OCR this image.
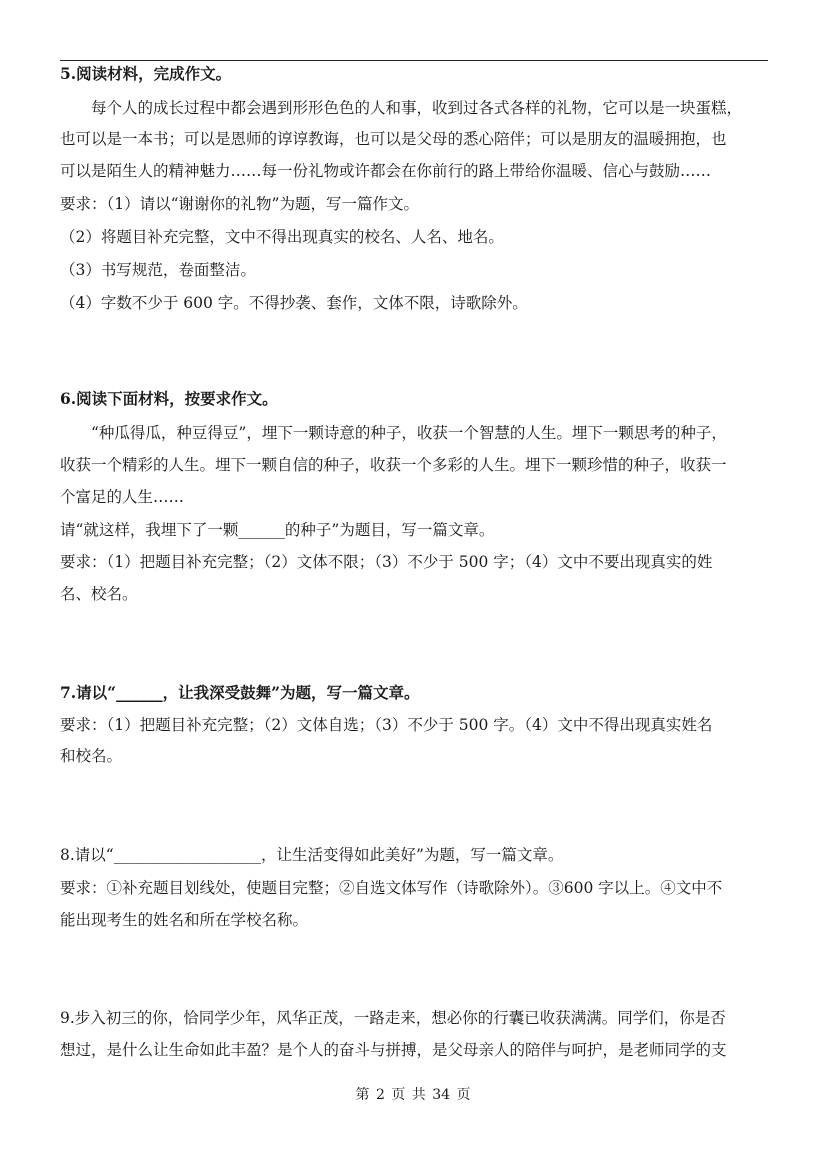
5.阅读材料，完成作文。
每个人的成长过程中都会遇到形形色色的人和事，收到过各式各样的礼物，它可以是一块蛋糕，
也可以是一本书；可以是恩师的谆谆教诲，也可以是父母的悉心陪伴；可以是朋友的温暖拥抱，也
可以是陌生人的精神魅力……每一份礼物或许都会在你前行的路上带给你温暖、信心与鼓励……
要求：（1）请以“谢谢你的礼物”为题，写一篇作文。
（2）将题目补充完整，文中不得出现真实的校名、人名、地名。
（3）书写规范，卷面整洁。
（4）字数不少于 600 字。不得抄袭、套作，文体不限，诗歌除外。
6.阅读下面材料，按要求作文。
“种瓜得瓜，种豆得豆”，埋下一颗诗意的种子，收获一个智慧的人生。埋下一颗思考的种子，
收获一个精彩的人生。埋下一颗自信的种子，收获一个多彩的人生。埋下一颗珍惜的种子，收获一
个富足的人生……
请“就这样，我埋下了一颗______的种子”为题目，写一篇文章。
要求：（1）把题目补充完整；（2）文体不限；（3）不少于 500 字；（4）文中不要出现真实的姓
名、校名。
7.请以“______，让我深受鼓舞”为题，写一篇文章。
要求：（1）把题目补充完整；（2）文体自选；（3）不少于 500 字。（4）文中不得出现真实姓名
和校名。
8.请以“___________________，让生活变得如此美好”为题，写一篇文章。
要求：①补充题目划线处，使题目完整；②自选文体写作（诗歌除外）。③600 字以上。④文中不
能出现考生的姓名和所在学校名称。
9.步入初三的你，恰同学少年，风华正茂，一路走来，想必你的行囊已收获满满。同学们，你是否
想过，是什么让生命如此丰盈？是个人的奋斗与拼搏，是父母亲人的陪伴与呵护，是老师同学的支
第 2 页 共 34 页
